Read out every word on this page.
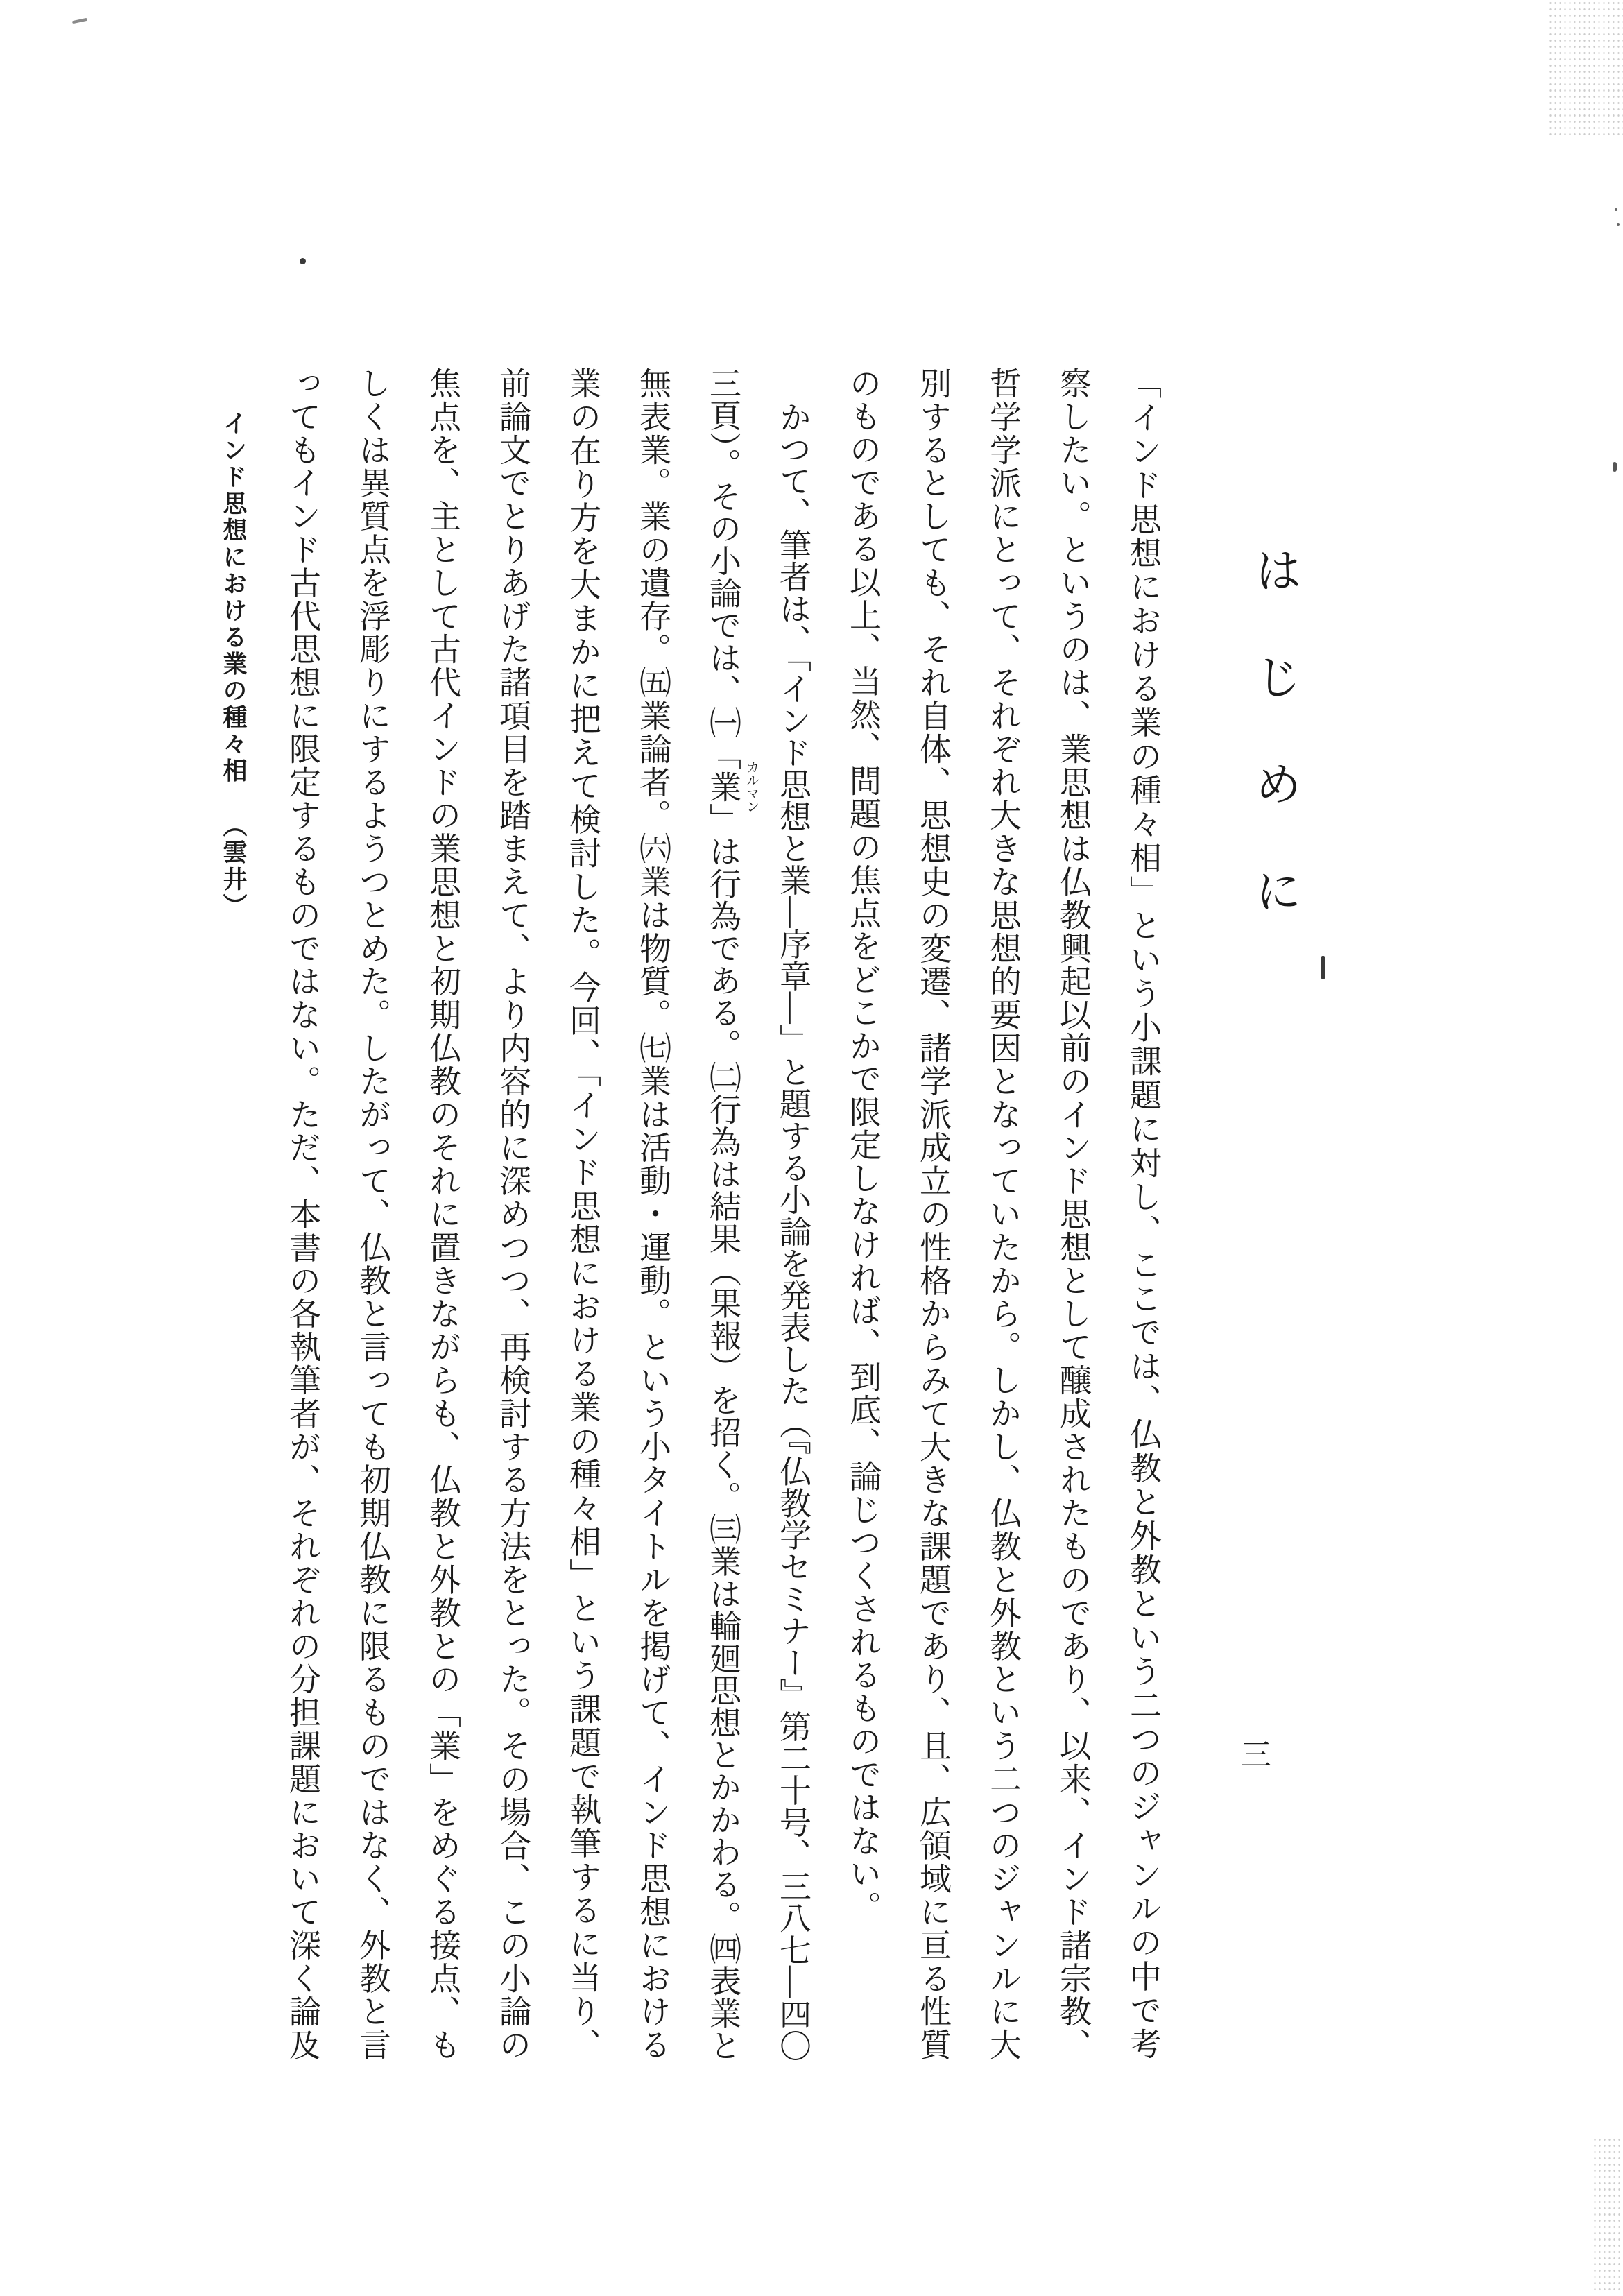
はじめに
「インド思想における業の種々相」という小課題に対し、ここでは、仏教と外教という二つのジャンルの中で考
察したい。というのは、業思想は仏教興起以前のインド思想として醸成されたものであり、以来、インド諸宗教、
哲学学派にとって、それぞれ大きな思想的要因となっていたから。しかし、仏教と外教という二つのジャンルに大
別するとしても、それ自体、思想史の変遷、諸学派成立の性格からみて大きな課題であり、且、広領域に亘る性質
のものである以上、当然、問題の焦点をどこかで限定しなければ、到底、論じつくされるものではない。
かつて、筆者は、「インド思想と業―序章―」と題する小論を発表した（『仏教学セミナー』第二十号、三八七―四〇
三頁）。その小論では、㈠「業 カルマン
」は行為である。㈡行為は結果（果報）を招く。㈢業は輪廻思想とかかわる。㈣表業と
無表業。業の遺存。㈤業論者。㈥業は物質。㈦業は活動・運動。という小タイトルを掲げて、インド思想における
業の在り方を大まかに把えて検討した。今回、「インド思想における業の種々相」という課題で執筆するに当り、
前論文でとりあげた諸項目を踏まえて、より内容的に深めつつ、再検討する方法をとった。その場合、この小論の
焦点を、主として古代インドの業思想と初期仏教のそれに置きながらも、仏教と外教との「業」をめぐる接点、も
しくは異質点を浮彫りにするようつとめた。したがって、仏教と言っても初期仏教に限るものではなく、外教と言
ってもインド古代思想に限定するものではない。ただ、本書の各執筆者が、それぞれの分担課題において深く論及	三
インド思想における業の種々相
（雲井）
